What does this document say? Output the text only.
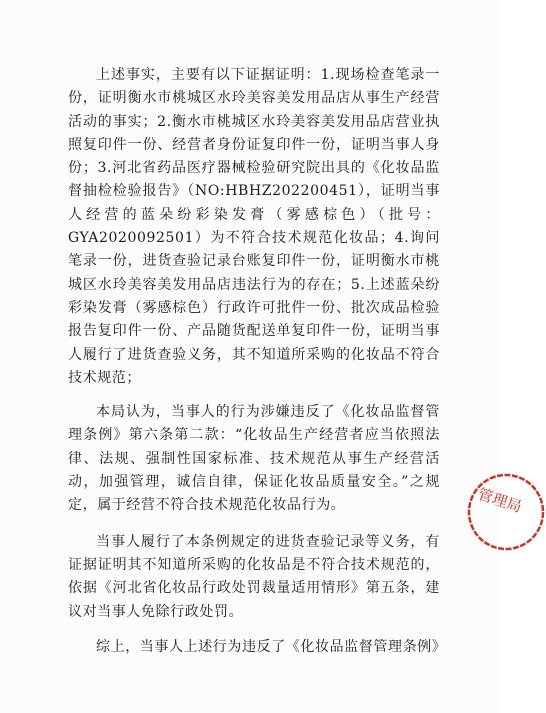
上述事实，主要有以下证据证明：1.现场检查笔录一份，证明衡水市桃城区水玲美容美发用品店从事生产经营活动的事实；2.衡水市桃城区水玲美容美发用品店营业执照复印件一份、经营者身份证复印件一份，证明当事人身份；3.河北省药品医疗器械检验研究院出具的《化妆品监督抽检检验报告》（NO:HBHZ202200451），证明当事人经营的蓝朵纷彩染发膏（雾感棕色）（批号：GYA2020092501）为不符合技术规范化妆品；4.询问笔录一份，进货查验记录台账复印件一份，证明衡水市桃城区水玲美容美发用品店违法行为的存在；5.上述蓝朵纷彩染发膏（雾感棕色）行政许可批件一份、批次成品检验报告复印件一份、产品随货配送单复印件一份，证明当事人履行了进货查验义务，其不知道所采购的化妆品不符合技术规范；

本局认为，当事人的行为涉嫌违反了《化妆品监督管理条例》第六条第二款：“化妆品生产经营者应当依照法律、法规、强制性国家标准、技术规范从事生产经营活动，加强管理，诚信自律，保证化妆品质量安全。”之规定，属于经营不符合技术规范化妆品行为。

当事人履行了本条例规定的进货查验记录等义务，有证据证明其不知道所采购的化妆品是不符合技术规范的，依据《河北省化妆品行政处罚裁量适用情形》第五条，建议对当事人免除行政处罚。

综上，当事人上述行为违反了《化妆品监督管理条例》

管理局
